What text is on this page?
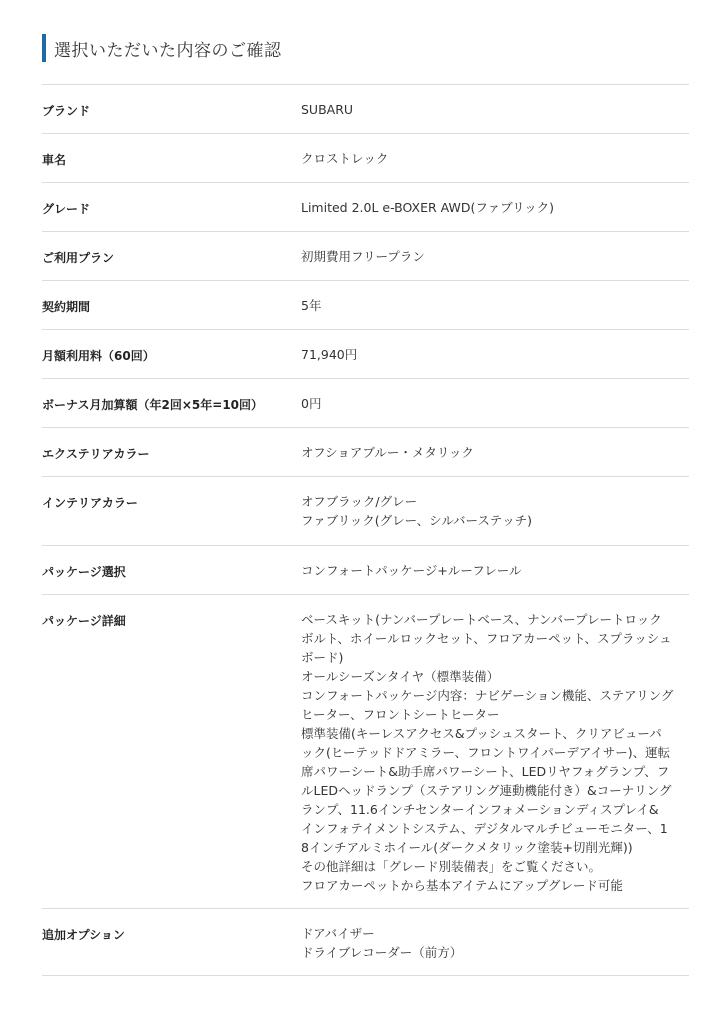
選択いただいた内容のご確認
ブランド	SUBARU
車名	クロストレック
グレード	Limited 2.0L e-BOXER AWD(ファブリック)
ご利用プラン	初期費用フリープラン
契約期間	5年
月額利用料（60回）	71,940円
ボーナス月加算額（年2回×5年=10回）	0円
エクステリアカラー	オフショアブルー・メタリック
インテリアカラー	オフブラック/グレー
ファブリック(グレー、シルバーステッチ)
パッケージ選択	コンフォートパッケージ+ルーフレール
パッケージ詳細	ベースキット(ナンバープレートベース、ナンバープレートロック
ボルト、ホイールロックセット、フロアカーペット、スプラッシュ
ボード)
オールシーズンタイヤ（標準装備）
コンフォートパッケージ内容：ナビゲーション機能、ステアリング
ヒーター、フロントシートヒーター
標準装備(キーレスアクセス&プッシュスタート、クリアビューパ
ック(ヒーテッドドアミラー、フロントワイパーデアイサー)、運転
席パワーシート&助手席パワーシート、LEDリヤフォグランプ、フ
ルLEDヘッドランプ（ステアリング連動機能付き）&コーナリング
ランプ、11.6インチセンターインフォメーションディスプレイ&
インフォテイメントシステム、デジタルマルチビューモニター、1
8インチアルミホイール(ダークメタリック塗装+切削光輝))
その他詳細は「グレード別装備表」をご覧ください。
フロアカーペットから基本アイテムにアップグレード可能
追加オプション	ドアバイザー
ドライブレコーダー（前方）
